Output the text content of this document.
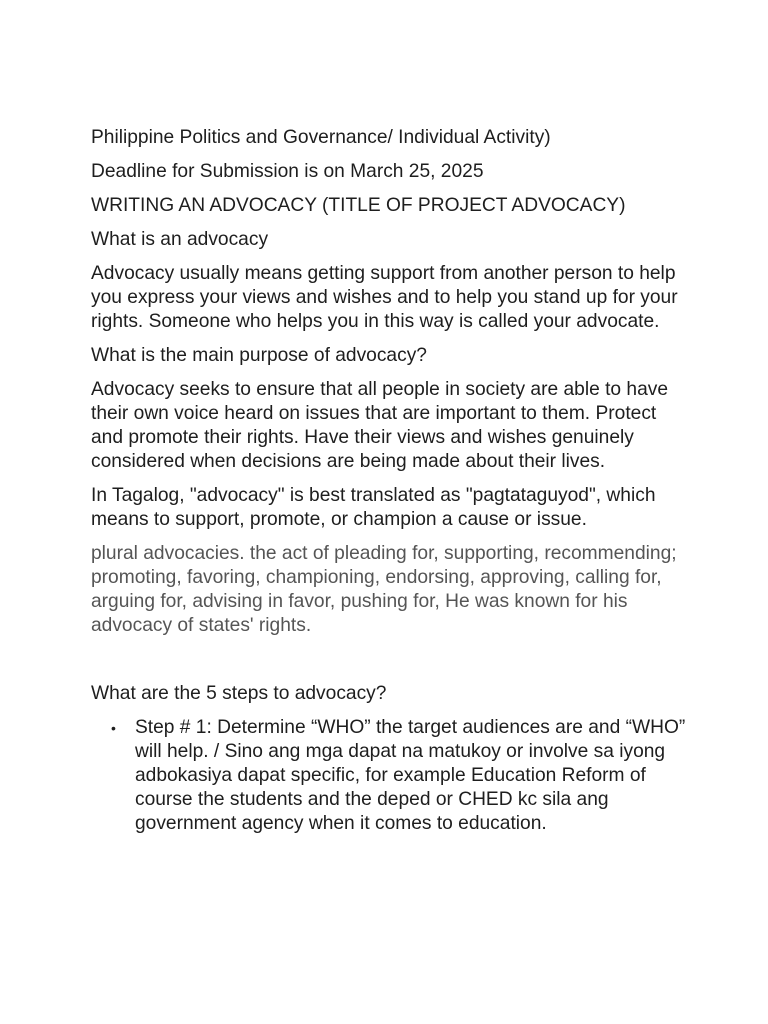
Philippine Politics and Governance/ Individual Activity)

Deadline for Submission is on March 25, 2025

WRITING AN ADVOCACY (TITLE OF PROJECT ADVOCACY)

What is an advocacy

Advocacy usually means getting support from another person to help you express your views and wishes and to help you stand up for your rights. Someone who helps you in this way is called your advocate.

What is the main purpose of advocacy?

Advocacy seeks to ensure that all people in society are able to have their own voice heard on issues that are important to them. Protect and promote their rights. Have their views and wishes genuinely considered when decisions are being made about their lives.

In Tagalog, "advocacy" is best translated as "pagtataguyod", which means to support, promote, or champion a cause or issue.

plural advocacies. the act of pleading for, supporting, recommending; promoting, favoring, championing, endorsing, approving, calling for, arguing for, advising in favor, pushing for, He was known for his advocacy of states' rights.

What are the 5 steps to advocacy?

• Step # 1: Determine “WHO” the target audiences are and “WHO” will help. / Sino ang mga dapat na matukoy or involve sa iyong adbokasiya dapat specific, for example Education Reform of course the students and the deped or CHED kc sila ang government agency when it comes to education.
